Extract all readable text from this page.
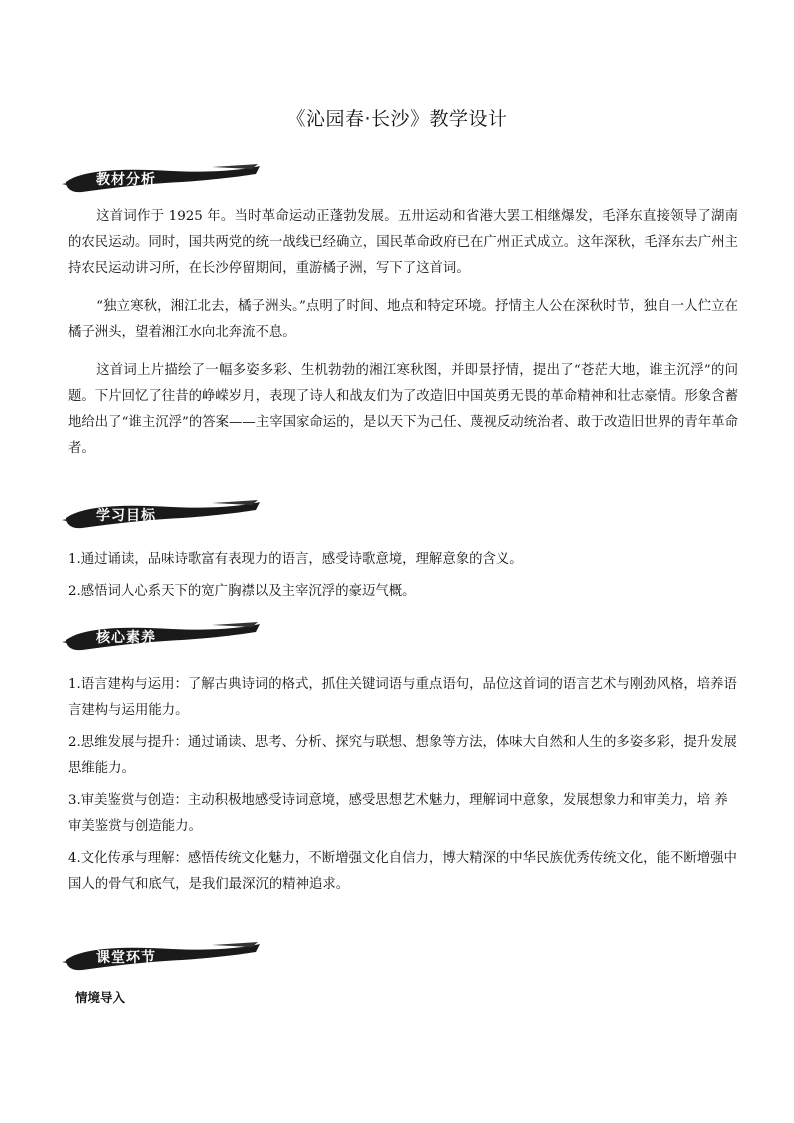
《沁园春·长沙》教学设计
教材分析

这首词作于 1925 年。当时革命运动正蓬勃发展。五卅运动和省港大罢工相继爆发，毛泽东直接领导了湖南的农民运动。同时，国共两党的统一战线已经确立，国民革命政府已在广州正式成立。这年深秋，毛泽东去广州主持农民运动讲习所，在长沙停留期间，重游橘子洲，写下了这首词。

“独立寒秋，湘江北去，橘子洲头。”点明了时间、地点和特定环境。抒情主人公在深秋时节，独自一人伫立在橘子洲头，望着湘江水向北奔流不息。

这首词上片描绘了一幅多姿多彩、生机勃勃的湘江寒秋图，并即景抒情，提出了“苍茫大地，谁主沉浮”的问题。下片回忆了往昔的峥嵘岁月，表现了诗人和战友们为了改造旧中国英勇无畏的革命精神和壮志豪情。形象含蓄地给出了“谁主沉浮”的答案——主宰国家命运的，是以天下为己任、蔑视反动统治者、敢于改造旧世界的青年革命者。

学习目标
1.通过诵读，品味诗歌富有表现力的语言，感受诗歌意境，理解意象的含义。
2.感悟词人心系天下的宽广胸襟以及主宰沉浮的豪迈气概。
核心素养
1.语言建构与运用：了解古典诗词的格式，抓住关键词语与重点语句，品位这首词的语言艺术与刚劲风格，培养语言建构与运用能力。
2.思维发展与提升：通过诵读、思考、分析、探究与联想、想象等方法，体味大自然和人生的多姿多彩，提升发展思维能力。
3.审美鉴赏与创造：主动积极地感受诗词意境，感受思想艺术魅力，理解词中意象，发展想象力和审美力，培 养审美鉴赏与创造能力。
4.文化传承与理解：感悟传统文化魅力，不断增强文化自信力，博大精深的中华民族优秀传统文化，能不断增强中国人的骨气和底气，是我们最深沉的精神追求。
课堂环节
情境导入
